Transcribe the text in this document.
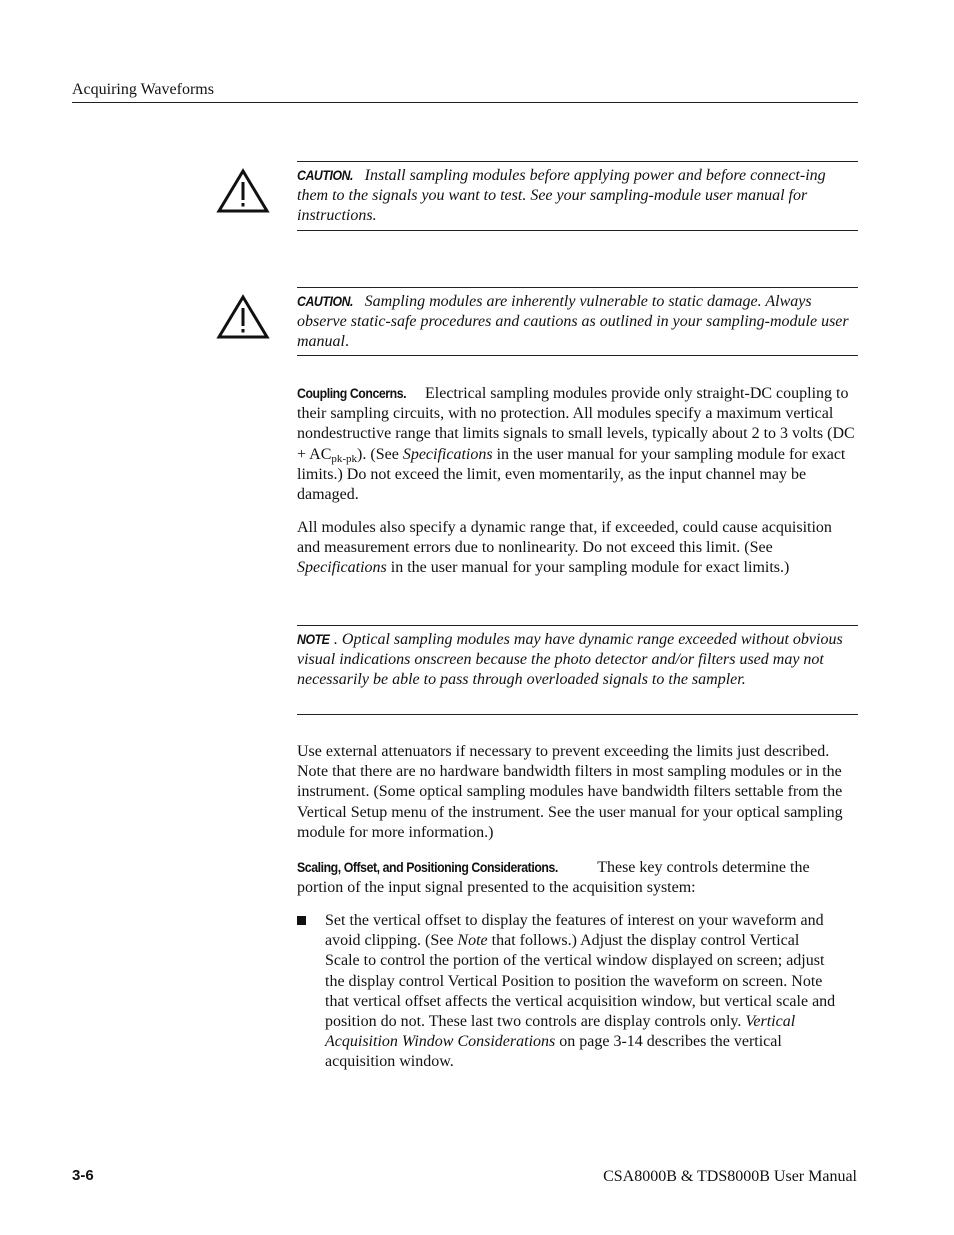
Acquiring Waveforms
CAUTION. Install sampling modules before applying power and before connect-ing them to the signals you want to test. See your sampling-module user manual for instructions.
CAUTION. Sampling modules are inherently vulnerable to static damage. Always observe static-safe procedures and cautions as outlined in your sampling-module user manual.
Coupling Concerns. Electrical sampling modules provide only straight-DC coupling to their sampling circuits, with no protection. All modules specify a maximum vertical nondestructive range that limits signals to small levels, typically about 2 to 3 volts $(DC + AC_{pk-pk})$. (See Specifications in the user manual for your sampling module for exact limits.) Do not exceed the limit, even momentarily, as the input channel may be damaged.
All modules also specify a dynamic range that, if exceeded, could cause acquisition and measurement errors due to nonlinearity. Do not exceed this limit. (See Specifications in the user manual for your sampling module for exact limits.)
NOTE . Optical sampling modules may have dynamic range exceeded without obvious visual indications onscreen because the photo detector and/or filters used may not necessarily be able to pass through overloaded signals to the sampler.
Use external attenuators if necessary to prevent exceeding the limits just described. Note that there are no hardware bandwidth filters in most sampling modules or in the instrument. (Some optical sampling modules have bandwidth filters settable from the Vertical Setup menu of the instrument. See the user manual for your optical sampling module for more information.)
Scaling, Offset, and Positioning Considerations. These key controls determine the portion of the input signal presented to the acquisition system:
Set the vertical offset to display the features of interest on your waveform and avoid clipping. (See Note that follows.) Adjust the display control Vertical Scale to control the portion of the vertical window displayed on screen; adjust the display control Vertical Position to position the waveform on screen. Note that vertical offset affects the vertical acquisition window, but vertical scale and position do not. These last two controls are display controls only. Vertical Acquisition Window Considerations on page 3-14 describes the vertical acquisition window.
3-6	CSA8000B & TDS8000B User Manual
